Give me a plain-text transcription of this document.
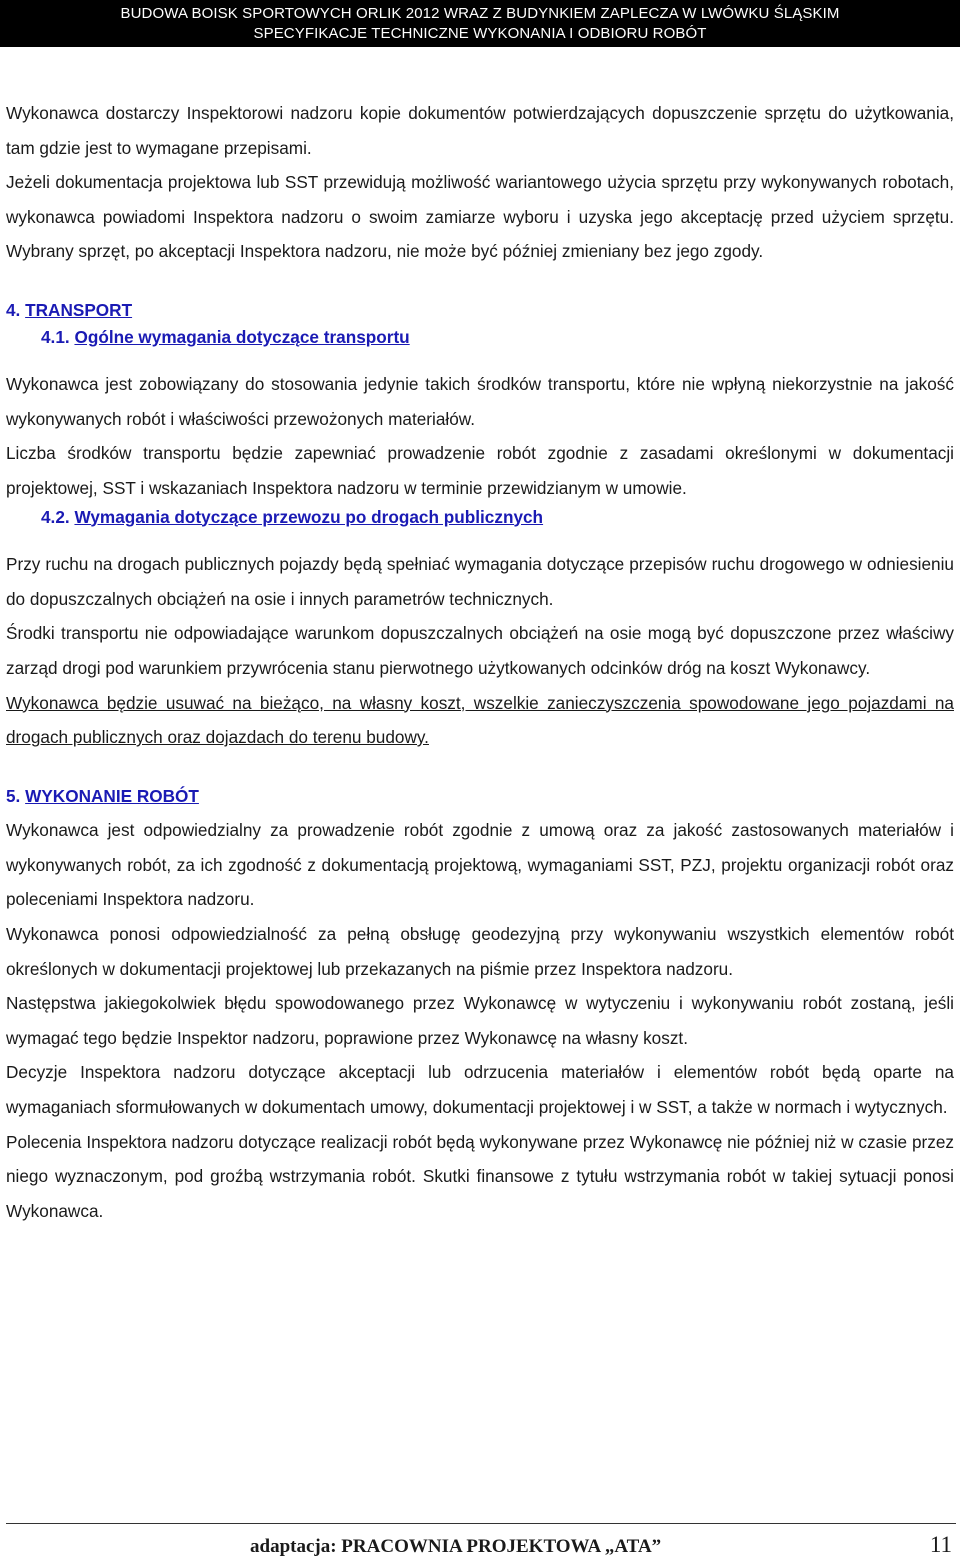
BUDOWA BOISK SPORTOWYCH ORLIK 2012 WRAZ Z BUDYNKIEM ZAPLECZA W LWÓWKU ŚLĄSKIM
SPECYFIKACJE TECHNICZNE WYKONANIA I ODBIORU ROBÓT
Wykonawca dostarczy Inspektorowi nadzoru kopie dokumentów potwierdzających dopuszczenie sprzętu do użytkowania, tam gdzie jest to wymagane przepisami.
Jeżeli dokumentacja projektowa lub SST przewidują możliwość wariantowego użycia sprzętu przy wykonywanych robotach, wykonawca powiadomi Inspektora nadzoru o swoim zamiarze wyboru i uzyska jego akceptację przed użyciem sprzętu. Wybrany sprzęt, po akceptacji Inspektora nadzoru, nie może być później zmieniany bez jego zgody.
4. TRANSPORT
4.1. Ogólne wymagania dotyczące transportu
Wykonawca jest zobowiązany do stosowania jedynie takich środków transportu, które nie wpłyną niekorzystnie na jakość wykonywanych robót i właściwości przewożonych materiałów.
Liczba środków transportu będzie zapewniać prowadzenie robót zgodnie z zasadami określonymi w dokumentacji projektowej, SST i wskazaniach Inspektora nadzoru w terminie przewidzianym w umowie.
4.2. Wymagania dotyczące przewozu po drogach publicznych
Przy ruchu na drogach publicznych pojazdy będą spełniać wymagania dotyczące przepisów ruchu drogowego w odniesieniu do dopuszczalnych obciążeń na osie i innych parametrów technicznych.
Środki transportu nie odpowiadające warunkom dopuszczalnych obciążeń na osie mogą być dopuszczone przez właściwy zarząd drogi pod warunkiem przywrócenia stanu pierwotnego użytkowanych odcinków dróg na koszt Wykonawcy.
Wykonawca będzie usuwać na bieżąco, na własny koszt, wszelkie zanieczyszczenia spowodowane jego pojazdami na drogach publicznych oraz dojazdach do terenu budowy.
5. WYKONANIE ROBÓT
Wykonawca jest odpowiedzialny za prowadzenie robót zgodnie z umową oraz za jakość zastosowanych materiałów i wykonywanych robót, za ich zgodność z dokumentacją projektową, wymaganiami SST, PZJ, projektu organizacji robót oraz poleceniami Inspektora nadzoru.
Wykonawca ponosi odpowiedzialność za pełną obsługę geodezyjną przy wykonywaniu wszystkich elementów robót określonych w dokumentacji projektowej lub przekazanych na piśmie przez Inspektora nadzoru.
Następstwa jakiegokolwiek błędu spowodowanego przez Wykonawcę w wytyczeniu i wykonywaniu robót zostaną, jeśli wymagać tego będzie Inspektor nadzoru, poprawione przez Wykonawcę na własny koszt.
Decyzje Inspektora nadzoru dotyczące akceptacji lub odrzucenia materiałów i elementów robót będą oparte na wymaganiach sformułowanych w dokumentach umowy, dokumentacji projektowej i w SST, a także w normach i wytycznych.
Polecenia Inspektora nadzoru dotyczące realizacji robót będą wykonywane przez Wykonawcę nie później niż w czasie przez niego wyznaczonym, pod groźbą wstrzymania robót. Skutki finansowe z tytułu wstrzymania robót w takiej sytuacji ponosi Wykonawca.
adaptacja: PRACOWNIA PROJEKTOWA „ATA”	11
